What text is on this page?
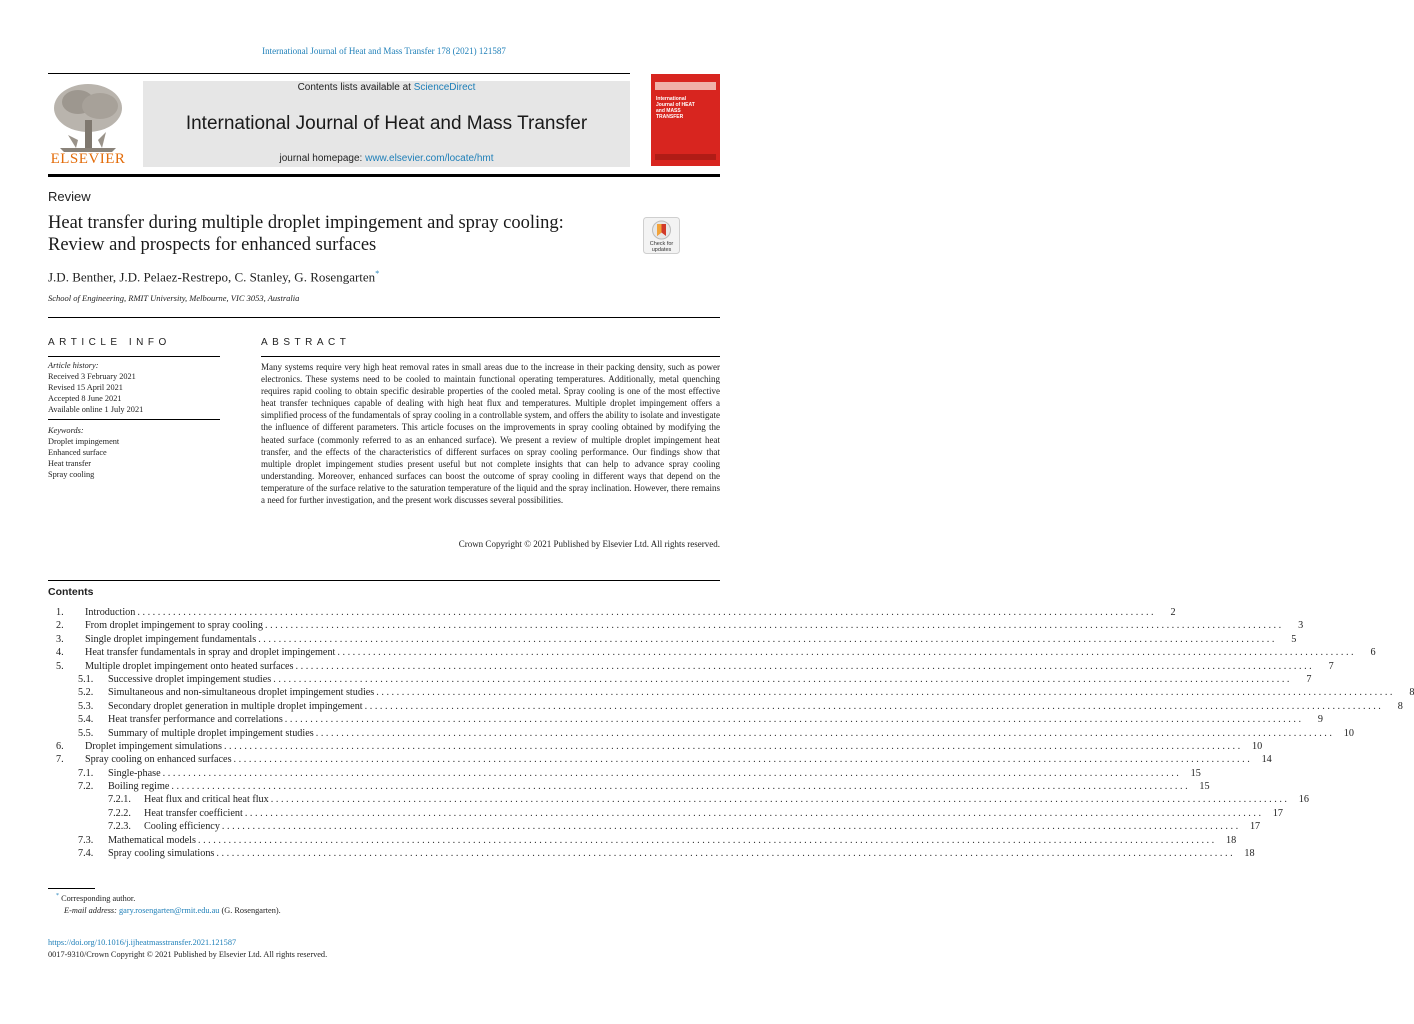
International Journal of Heat and Mass Transfer 178 (2021) 121587
ELSEVIER
Contents lists available at ScienceDirect
International Journal of Heat and Mass Transfer
journal homepage: www.elsevier.com/locate/hmt
International Journal of HEAT and MASS TRANSFER
Review
Heat transfer during multiple droplet impingement and spray cooling:
Review and prospects for enhanced surfaces	Check for updates
J.D. Benther, J.D. Pelaez-Restrepo, C. Stanley, G. Rosengarten*
School of Engineering, RMIT University, Melbourne, VIC 3053, Australia
ARTICLE INFO
Article history:
Received 3 February 2021
Revised 15 April 2021
Accepted 8 June 2021
Available online 1 July 2021
Keywords:
Droplet impingement
Enhanced surface
Heat transfer
Spray cooling
ABSTRACT
Many systems require very high heat removal rates in small areas due to the increase in their packing density, such as power electronics. These systems need to be cooled to maintain functional operating temperatures. Additionally, metal quenching requires rapid cooling to obtain specific desirable properties of the cooled metal. Spray cooling is one of the most effective heat transfer techniques capable of dealing with high heat flux and temperatures. Multiple droplet impingement offers a simplified process of the fundamentals of spray cooling in a controllable system, and offers the ability to isolate and investigate the influence of different parameters. This article focuses on the improvements in spray cooling obtained by modifying the heated surface (commonly referred to as an enhanced surface). We present a review of multiple droplet impingement heat transfer, and the effects of the characteristics of different surfaces on spray cooling performance. Our findings show that multiple droplet impingement studies present useful but not complete insights that can help to advance spray cooling understanding. Moreover, enhanced surfaces can boost the outcome of spray cooling in different ways that depend on the temperature of the surface relative to the saturation temperature of the liquid and the spray inclination. However, there remains a need for further investigation, and the present work discusses several possibilities.
Crown Copyright © 2021 Published by Elsevier Ltd. All rights reserved.
Contents
1.	Introduction . . . . . . . . . . . . . . . . . . . . . . . . . . . . . . . . . . . . . . . . . . . . . . . . . . . . . . . . . . . . . . . . . . . . . . . . . . . . . . . . . . . . . . . . . . . . . . . . . . . . . . . . . . . . . . . . . . . . . . . . . . . . . . . . . . . . . . . . . . . . . . . . . . . . . . . . . . . . . . . . . . . . . . . . . . . . . . . . . . . . . . . . . . . . . . . . . . . . . . . .	2
2.	From droplet impingement to spray cooling . . . . . . . . . . . . . . . . . . . . . . . . . . . . . . . . . . . . . . . . . . . . . . . . . . . . . . . . . . . . . . . . . . . . . . . . . . . . . . . . . . . . . . . . . . . . . . . . . . . . . . . . . . . . . . . . . . . . . . . . . . . . . . . . . . . . . . . . . . . . . . . . . . . . . . . . . . . . . . . . . . . . . . . . . . . . . . . . . . . . . . . . . . . . . . . . . . . . . . . .	3
3.	Single droplet impingement fundamentals . . . . . . . . . . . . . . . . . . . . . . . . . . . . . . . . . . . . . . . . . . . . . . . . . . . . . . . . . . . . . . . . . . . . . . . . . . . . . . . . . . . . . . . . . . . . . . . . . . . . . . . . . . . . . . . . . . . . . . . . . . . . . . . . . . . . . . . . . . . . . . . . . . . . . . . . . . . . . . . . . . . . . . . . . . . . . . . . . . . . . . . . . . . . . . . . . . . . . . . .	5
4.	Heat transfer fundamentals in spray and droplet impingement . . . . . . . . . . . . . . . . . . . . . . . . . . . . . . . . . . . . . . . . . . . . . . . . . . . . . . . . . . . . . . . . . . . . . . . . . . . . . . . . . . . . . . . . . . . . . . . . . . . . . . . . . . . . . . . . . . . . . . . . . . . . . . . . . . . . . . . . . . . . . . . . . . . . . . . . . . . . . . . . . . . . . . . . . . . . . . . . . . . . . . . . . . . . . . . . . . . . . . . .	6
5.	Multiple droplet impingement onto heated surfaces . . . . . . . . . . . . . . . . . . . . . . . . . . . . . . . . . . . . . . . . . . . . . . . . . . . . . . . . . . . . . . . . . . . . . . . . . . . . . . . . . . . . . . . . . . . . . . . . . . . . . . . . . . . . . . . . . . . . . . . . . . . . . . . . . . . . . . . . . . . . . . . . . . . . . . . . . . . . . . . . . . . . . . . . . . . . . . . . . . . . . . . . . . . . . . . . . . . . . . . .	7
5.1.	Successive droplet impingement studies . . . . . . . . . . . . . . . . . . . . . . . . . . . . . . . . . . . . . . . . . . . . . . . . . . . . . . . . . . . . . . . . . . . . . . . . . . . . . . . . . . . . . . . . . . . . . . . . . . . . . . . . . . . . . . . . . . . . . . . . . . . . . . . . . . . . . . . . . . . . . . . . . . . . . . . . . . . . . . . . . . . . . . . . . . . . . . . . . . . . . . . . . . . . . . . . . . . . . . . .	7
5.2.	Simultaneous and non-simultaneous droplet impingement studies . . . . . . . . . . . . . . . . . . . . . . . . . . . . . . . . . . . . . . . . . . . . . . . . . . . . . . . . . . . . . . . . . . . . . . . . . . . . . . . . . . . . . . . . . . . . . . . . . . . . . . . . . . . . . . . . . . . . . . . . . . . . . . . . . . . . . . . . . . . . . . . . . . . . . . . . . . . . . . . . . . . . . . . . . . . . . . . . . . . . . . . . . . . . . . . . . . . . . . . .	8
5.3.	Secondary droplet generation in multiple droplet impingement . . . . . . . . . . . . . . . . . . . . . . . . . . . . . . . . . . . . . . . . . . . . . . . . . . . . . . . . . . . . . . . . . . . . . . . . . . . . . . . . . . . . . . . . . . . . . . . . . . . . . . . . . . . . . . . . . . . . . . . . . . . . . . . . . . . . . . . . . . . . . . . . . . . . . . . . . . . . . . . . . . . . . . . . . . . . . . . . . . . . . . . . . . . . . . . . . . . . . . . .	8
5.4.	Heat transfer performance and correlations . . . . . . . . . . . . . . . . . . . . . . . . . . . . . . . . . . . . . . . . . . . . . . . . . . . . . . . . . . . . . . . . . . . . . . . . . . . . . . . . . . . . . . . . . . . . . . . . . . . . . . . . . . . . . . . . . . . . . . . . . . . . . . . . . . . . . . . . . . . . . . . . . . . . . . . . . . . . . . . . . . . . . . . . . . . . . . . . . . . . . . . . . . . . . . . . . . . . . . . .	9
5.5.	Summary of multiple droplet impingement studies . . . . . . . . . . . . . . . . . . . . . . . . . . . . . . . . . . . . . . . . . . . . . . . . . . . . . . . . . . . . . . . . . . . . . . . . . . . . . . . . . . . . . . . . . . . . . . . . . . . . . . . . . . . . . . . . . . . . . . . . . . . . . . . . . . . . . . . . . . . . . . . . . . . . . . . . . . . . . . . . . . . . . . . . . . . . . . . . . . . . . . . . . . . . . . . . . . . . . . . .	10
6.	Droplet impingement simulations . . . . . . . . . . . . . . . . . . . . . . . . . . . . . . . . . . . . . . . . . . . . . . . . . . . . . . . . . . . . . . . . . . . . . . . . . . . . . . . . . . . . . . . . . . . . . . . . . . . . . . . . . . . . . . . . . . . . . . . . . . . . . . . . . . . . . . . . . . . . . . . . . . . . . . . . . . . . . . . . . . . . . . . . . . . . . . . . . . . . . . . . . . . . . . . . . . . . . . . .	10
7.	Spray cooling on enhanced surfaces . . . . . . . . . . . . . . . . . . . . . . . . . . . . . . . . . . . . . . . . . . . . . . . . . . . . . . . . . . . . . . . . . . . . . . . . . . . . . . . . . . . . . . . . . . . . . . . . . . . . . . . . . . . . . . . . . . . . . . . . . . . . . . . . . . . . . . . . . . . . . . . . . . . . . . . . . . . . . . . . . . . . . . . . . . . . . . . . . . . . . . . . . . . . . . . . . . . . . . . .	14
7.1.	Single-phase . . . . . . . . . . . . . . . . . . . . . . . . . . . . . . . . . . . . . . . . . . . . . . . . . . . . . . . . . . . . . . . . . . . . . . . . . . . . . . . . . . . . . . . . . . . . . . . . . . . . . . . . . . . . . . . . . . . . . . . . . . . . . . . . . . . . . . . . . . . . . . . . . . . . . . . . . . . . . . . . . . . . . . . . . . . . . . . . . . . . . . . . . . . . . . . . . . . . . . . .	15
7.2.	Boiling regime . . . . . . . . . . . . . . . . . . . . . . . . . . . . . . . . . . . . . . . . . . . . . . . . . . . . . . . . . . . . . . . . . . . . . . . . . . . . . . . . . . . . . . . . . . . . . . . . . . . . . . . . . . . . . . . . . . . . . . . . . . . . . . . . . . . . . . . . . . . . . . . . . . . . . . . . . . . . . . . . . . . . . . . . . . . . . . . . . . . . . . . . . . . . . . . . . . . . . . . .	15
7.2.1.	Heat flux and critical heat flux . . . . . . . . . . . . . . . . . . . . . . . . . . . . . . . . . . . . . . . . . . . . . . . . . . . . . . . . . . . . . . . . . . . . . . . . . . . . . . . . . . . . . . . . . . . . . . . . . . . . . . . . . . . . . . . . . . . . . . . . . . . . . . . . . . . . . . . . . . . . . . . . . . . . . . . . . . . . . . . . . . . . . . . . . . . . . . . . . . . . . . . . . . . . . . . . . . . . . . . .	16
7.2.2.	Heat transfer coefficient . . . . . . . . . . . . . . . . . . . . . . . . . . . . . . . . . . . . . . . . . . . . . . . . . . . . . . . . . . . . . . . . . . . . . . . . . . . . . . . . . . . . . . . . . . . . . . . . . . . . . . . . . . . . . . . . . . . . . . . . . . . . . . . . . . . . . . . . . . . . . . . . . . . . . . . . . . . . . . . . . . . . . . . . . . . . . . . . . . . . . . . . . . . . . . . . . . . . . . . .	17
7.2.3.	Cooling efficiency . . . . . . . . . . . . . . . . . . . . . . . . . . . . . . . . . . . . . . . . . . . . . . . . . . . . . . . . . . . . . . . . . . . . . . . . . . . . . . . . . . . . . . . . . . . . . . . . . . . . . . . . . . . . . . . . . . . . . . . . . . . . . . . . . . . . . . . . . . . . . . . . . . . . . . . . . . . . . . . . . . . . . . . . . . . . . . . . . . . . . . . . . . . . . . . . . . . . . . . .	17
7.3.	Mathematical models . . . . . . . . . . . . . . . . . . . . . . . . . . . . . . . . . . . . . . . . . . . . . . . . . . . . . . . . . . . . . . . . . . . . . . . . . . . . . . . . . . . . . . . . . . . . . . . . . . . . . . . . . . . . . . . . . . . . . . . . . . . . . . . . . . . . . . . . . . . . . . . . . . . . . . . . . . . . . . . . . . . . . . . . . . . . . . . . . . . . . . . . . . . . . . . . . . . . . . . .	18
7.4.	Spray cooling simulations . . . . . . . . . . . . . . . . . . . . . . . . . . . . . . . . . . . . . . . . . . . . . . . . . . . . . . . . . . . . . . . . . . . . . . . . . . . . . . . . . . . . . . . . . . . . . . . . . . . . . . . . . . . . . . . . . . . . . . . . . . . . . . . . . . . . . . . . . . . . . . . . . . . . . . . . . . . . . . . . . . . . . . . . . . . . . . . . . . . . . . . . . . . . . . . . . . . . . . . .	18
* Corresponding author.
E-mail address: gary.rosengarten@rmit.edu.au (G. Rosengarten).
https://doi.org/10.1016/j.ijheatmasstransfer.2021.121587
0017-9310/Crown Copyright © 2021 Published by Elsevier Ltd. All rights reserved.
